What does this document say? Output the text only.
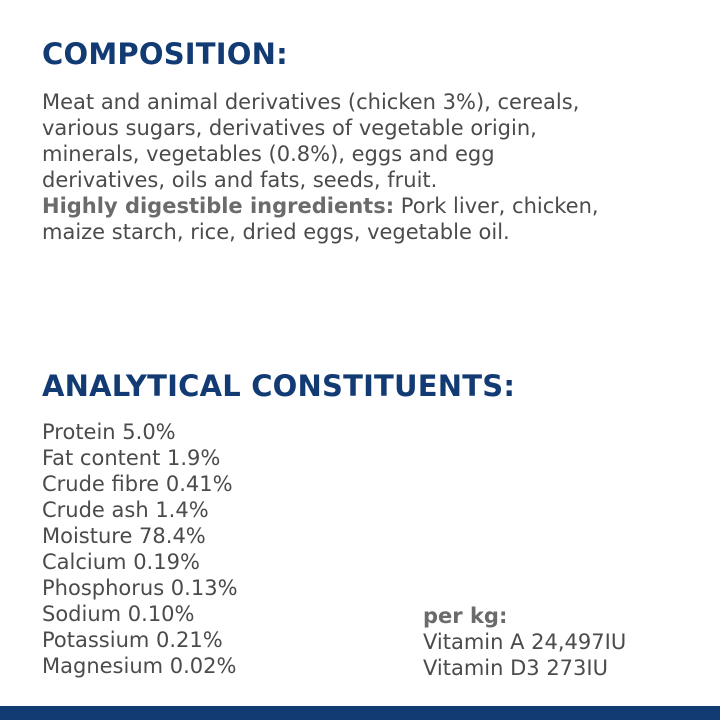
COMPOSITION:

Meat and animal derivatives (chicken 3%), cereals,
various sugars, derivatives of vegetable origin,
minerals, vegetables (0.8%), eggs and egg
derivatives, oils and fats, seeds, fruit.
Highly digestible ingredients: Pork liver, chicken,
maize starch, rice, dried eggs, vegetable oil.

ANALYTICAL CONSTITUENTS:
Protein 5.0%
Fat content 1.9%
Crude fibre 0.41%
Crude ash 1.4%
Moisture 78.4%
Calcium 0.19%
Phosphorus 0.13%
Sodium 0.10%
Potassium 0.21%
Magnesium 0.02%
per kg:
Vitamin A 24,497IU
Vitamin D3 273IU
